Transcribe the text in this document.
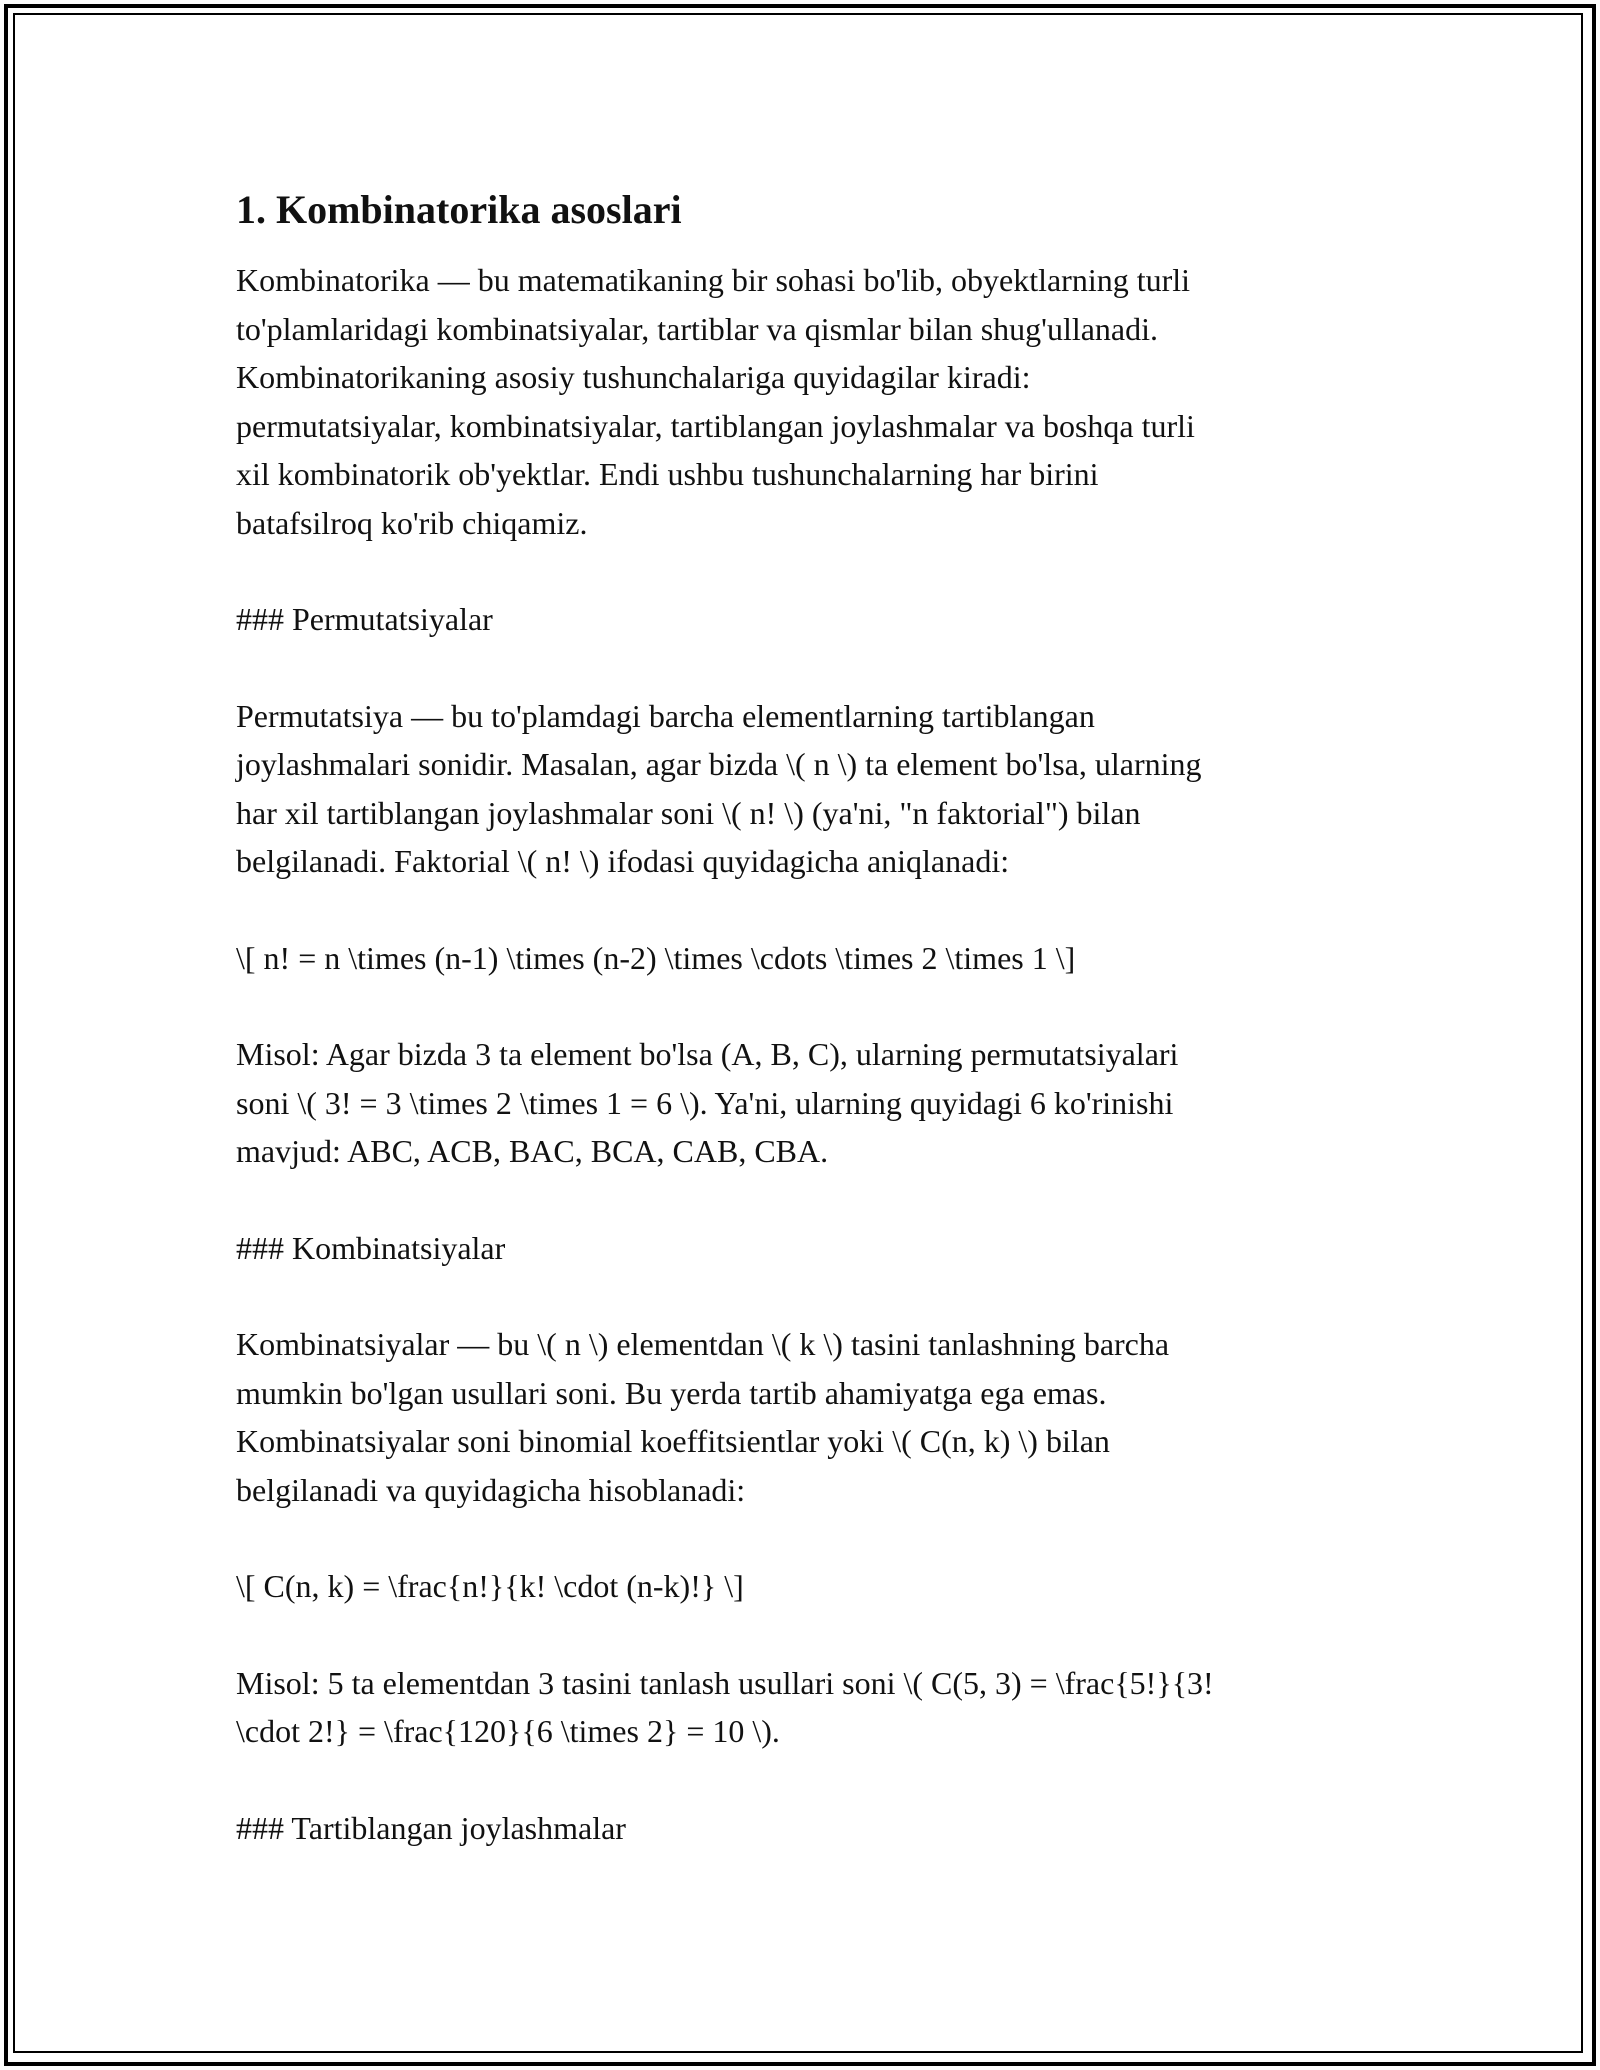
1. Kombinatorika asoslari

Kombinatorika — bu matematikaning bir sohasi bo'lib, obyektlarning turli
to'plamlaridagi kombinatsiyalar, tartiblar va qismlar bilan shug'ullanadi.
Kombinatorikaning asosiy tushunchalariga quyidagilar kiradi:
permutatsiyalar, kombinatsiyalar, tartiblangan joylashmalar va boshqa turli
xil kombinatorik ob'yektlar. Endi ushbu tushunchalarning har birini
batafsilroq ko'rib chiqamiz.

### Permutatsiyalar

Permutatsiya — bu to'plamdagi barcha elementlarning tartiblangan
joylashmalari sonidir. Masalan, agar bizda \( n \) ta element bo'lsa, ularning
har xil tartiblangan joylashmalar soni \( n! \) (ya'ni, "n faktorial") bilan
belgilanadi. Faktorial \( n! \) ifodasi quyidagicha aniqlanadi:

\[ n! = n \times (n-1) \times (n-2) \times \cdots \times 2 \times 1 \]

Misol: Agar bizda 3 ta element bo'lsa (A, B, C), ularning permutatsiyalari
soni \( 3! = 3 \times 2 \times 1 = 6 \). Ya'ni, ularning quyidagi 6 ko'rinishi
mavjud: ABC, ACB, BAC, BCA, CAB, CBA.

### Kombinatsiyalar

Kombinatsiyalar — bu \( n \) elementdan \( k \) tasini tanlashning barcha
mumkin bo'lgan usullari soni. Bu yerda tartib ahamiyatga ega emas.
Kombinatsiyalar soni binomial koeffitsientlar yoki \( C(n, k) \) bilan
belgilanadi va quyidagicha hisoblanadi:

\[ C(n, k) = \frac{n!}{k! \cdot (n-k)!} \]

Misol: 5 ta elementdan 3 tasini tanlash usullari soni \( C(5, 3) = \frac{5!}{3!
\cdot 2!} = \frac{120}{6 \times 2} = 10 \).

### Tartiblangan joylashmalar
